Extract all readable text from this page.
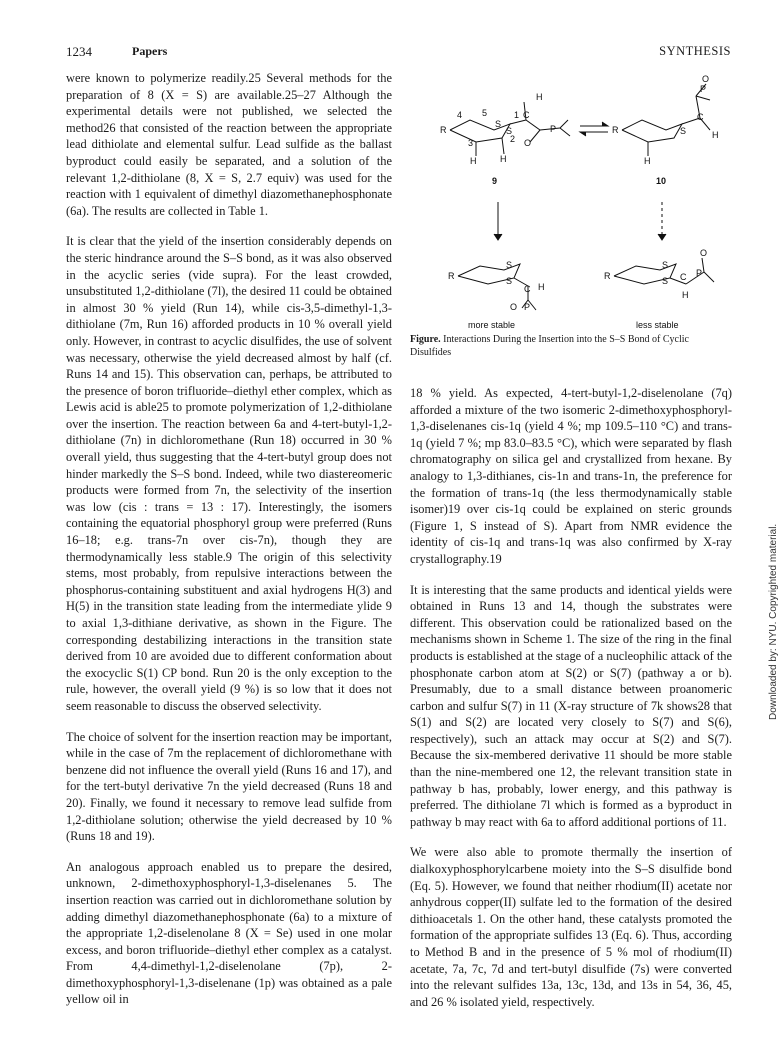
1234	Papers	SYNTHESIS

were known to polymerize readily.25 Several methods for the preparation of 8 (X = S) are available.25–27 Although the experimental details were not published, we selected the method26 that consisted of the reaction between the appropriate lead dithiolate and elemental sulfur. Lead sulfide as the ballast byproduct could easily be separated, and a solution of the relevant 1,2-dithiolane (8, X = S, 2.7 equiv) was used for the reaction with 1 equivalent of dimethyl diazomethanephosphonate (6a). The results are collected in Table 1.

It is clear that the yield of the insertion considerably depends on the steric hindrance around the S–S bond, as it was also observed in the acyclic series (vide supra). For the least crowded, unsubstituted 1,2-dithiolane (7l), the desired 11 could be obtained in almost 30 % yield (Run 14), while cis-3,5-dimethyl-1,3-dithiolane (7m, Run 16) afforded products in 10 % overall yield only. However, in contrast to acyclic disulfides, the use of solvent was necessary, otherwise the yield decreased almost by half (cf. Runs 14 and 15). This observation can, perhaps, be attributed to the presence of boron trifluoride–diethyl ether complex, which as Lewis acid is able25 to promote polymerization of 1,2-dithiolane over the insertion. The reaction between 6a and 4-tert-butyl-1,2-dithiolane (7n) in dichloromethane (Run 18) occurred in 30 % overall yield, thus suggesting that the 4-tert-butyl group does not hinder markedly the S–S bond. Indeed, while two diastereomeric products were formed from 7n, the selectivity of the insertion was low (cis : trans = 13 : 17). Interestingly, the isomers containing the equatorial phosphoryl group were preferred (Runs 16–18; e.g. trans-7n over cis-7n), though they are thermodynamically less stable.9 The origin of this selectivity stems, most probably, from repulsive interactions between the phosphorus-containing substituent and axial hydrogens H(3) and H(5) in the transition state leading from the intermediate ylide 9 to axial 1,3-dithiane derivative, as shown in the Figure. The corresponding destabilizing interactions in the transition state derived from 10 are avoided due to different conformation about the exocyclic S(1) CP bond. Run 20 is the only exception to the rule, however, the overall yield (9 %) is so low that it does not seem reasonable to discuss the observed selectivity.

The choice of solvent for the insertion reaction may be important, while in the case of 7m the replacement of dichloromethane with benzene did not influence the overall yield (Runs 16 and 17), and for the tert-butyl derivative 7n the yield decreased (Runs 18 and 20). Finally, we found it necessary to remove lead sulfide from 1,2-dithiolane solution; otherwise the yield decreased by 10 % (Runs 18 and 19).

An analogous approach enabled us to prepare the desired, unknown, 2-dimethoxyphosphoryl-1,3-diselenanes 5. The insertion reaction was carried out in dichloromethane solution by adding dimethyl diazomethanephosphonate (6a) to a mixture of the appropriate 1,2-diselenolane 8 (X = Se) used in one molar excess, and boron trifluoride–diethyl ether complex as a catalyst. From 4,4-dimethyl-1,2-diselenolane (7p), 2-dimethoxyphosphoryl-1,3-diselenane (1p) was obtained as a pale yellow oil in

R
S
S
C
P
O
H
H	H
4 5	1
2
3
9
R	S
C
P
O
H
H
10
R
S
S
C H
O P
R
S
S C P
O
H
more stable	less stable
Figure. Interactions During the Insertion into the S–S Bond of Cyclic Disulfides

18 % yield. As expected, 4-tert-butyl-1,2-diselenolane (7q) afforded a mixture of the two isomeric 2-dimethoxyphosphoryl-1,3-diselenanes cis-1q (yield 4 %; mp 109.5–110 °C) and trans-1q (yield 7 %; mp 83.0–83.5 °C), which were separated by flash chromatography on silica gel and crystallized from hexane. By analogy to 1,3-dithianes, cis-1n and trans-1n, the preference for the formation of trans-1q (the less thermodynamically stable isomer)19 over cis-1q could be explained on steric grounds (Figure 1, S instead of S). Apart from NMR evidence the identity of cis-1q and trans-1q was also confirmed by X-ray crystallography.19

It is interesting that the same products and identical yields were obtained in Runs 13 and 14, though the substrates were different. This observation could be rationalized based on the mechanisms shown in Scheme 1. The size of the ring in the final products is established at the stage of a nucleophilic attack of the phosphonate carbon atom at S(2) or S(7) (pathway a or b). Presumably, due to a small distance between proanomeric carbon and sulfur S(7) in 11 (X-ray structure of 7k shows28 that S(1) and S(2) are located very closely to S(7) and S(6), respectively), such an attack may occur at S(2) and S(7). Because the six-membered derivative 11 should be more stable than the nine-membered one 12, the relevant transition state in pathway b has, probably, lower energy, and this pathway is preferred. The dithiolane 7l which is formed as a byproduct in pathway b may react with 6a to afford additional portions of 11.

We were also able to promote thermally the insertion of dialkoxyphosphorylcarbene moiety into the S–S disulfide bond (Eq. 5). However, we found that neither rhodium(II) acetate nor anhydrous copper(II) sulfate led to the formation of the desired dithioacetals 1. On the other hand, these catalysts promoted the formation of the appropriate sulfides 13 (Eq. 6). Thus, according to Method B and in the presence of 5 % mol of rhodium(II) acetate, 7a, 7c, 7d and tert-butyl disulfide (7s) were converted into the relevant sulfides 13a, 13c, 13d, and 13s in 54, 36, 45, and 26 % isolated yield, respectively.

Downloaded by: NYU. Copyrighted material.
